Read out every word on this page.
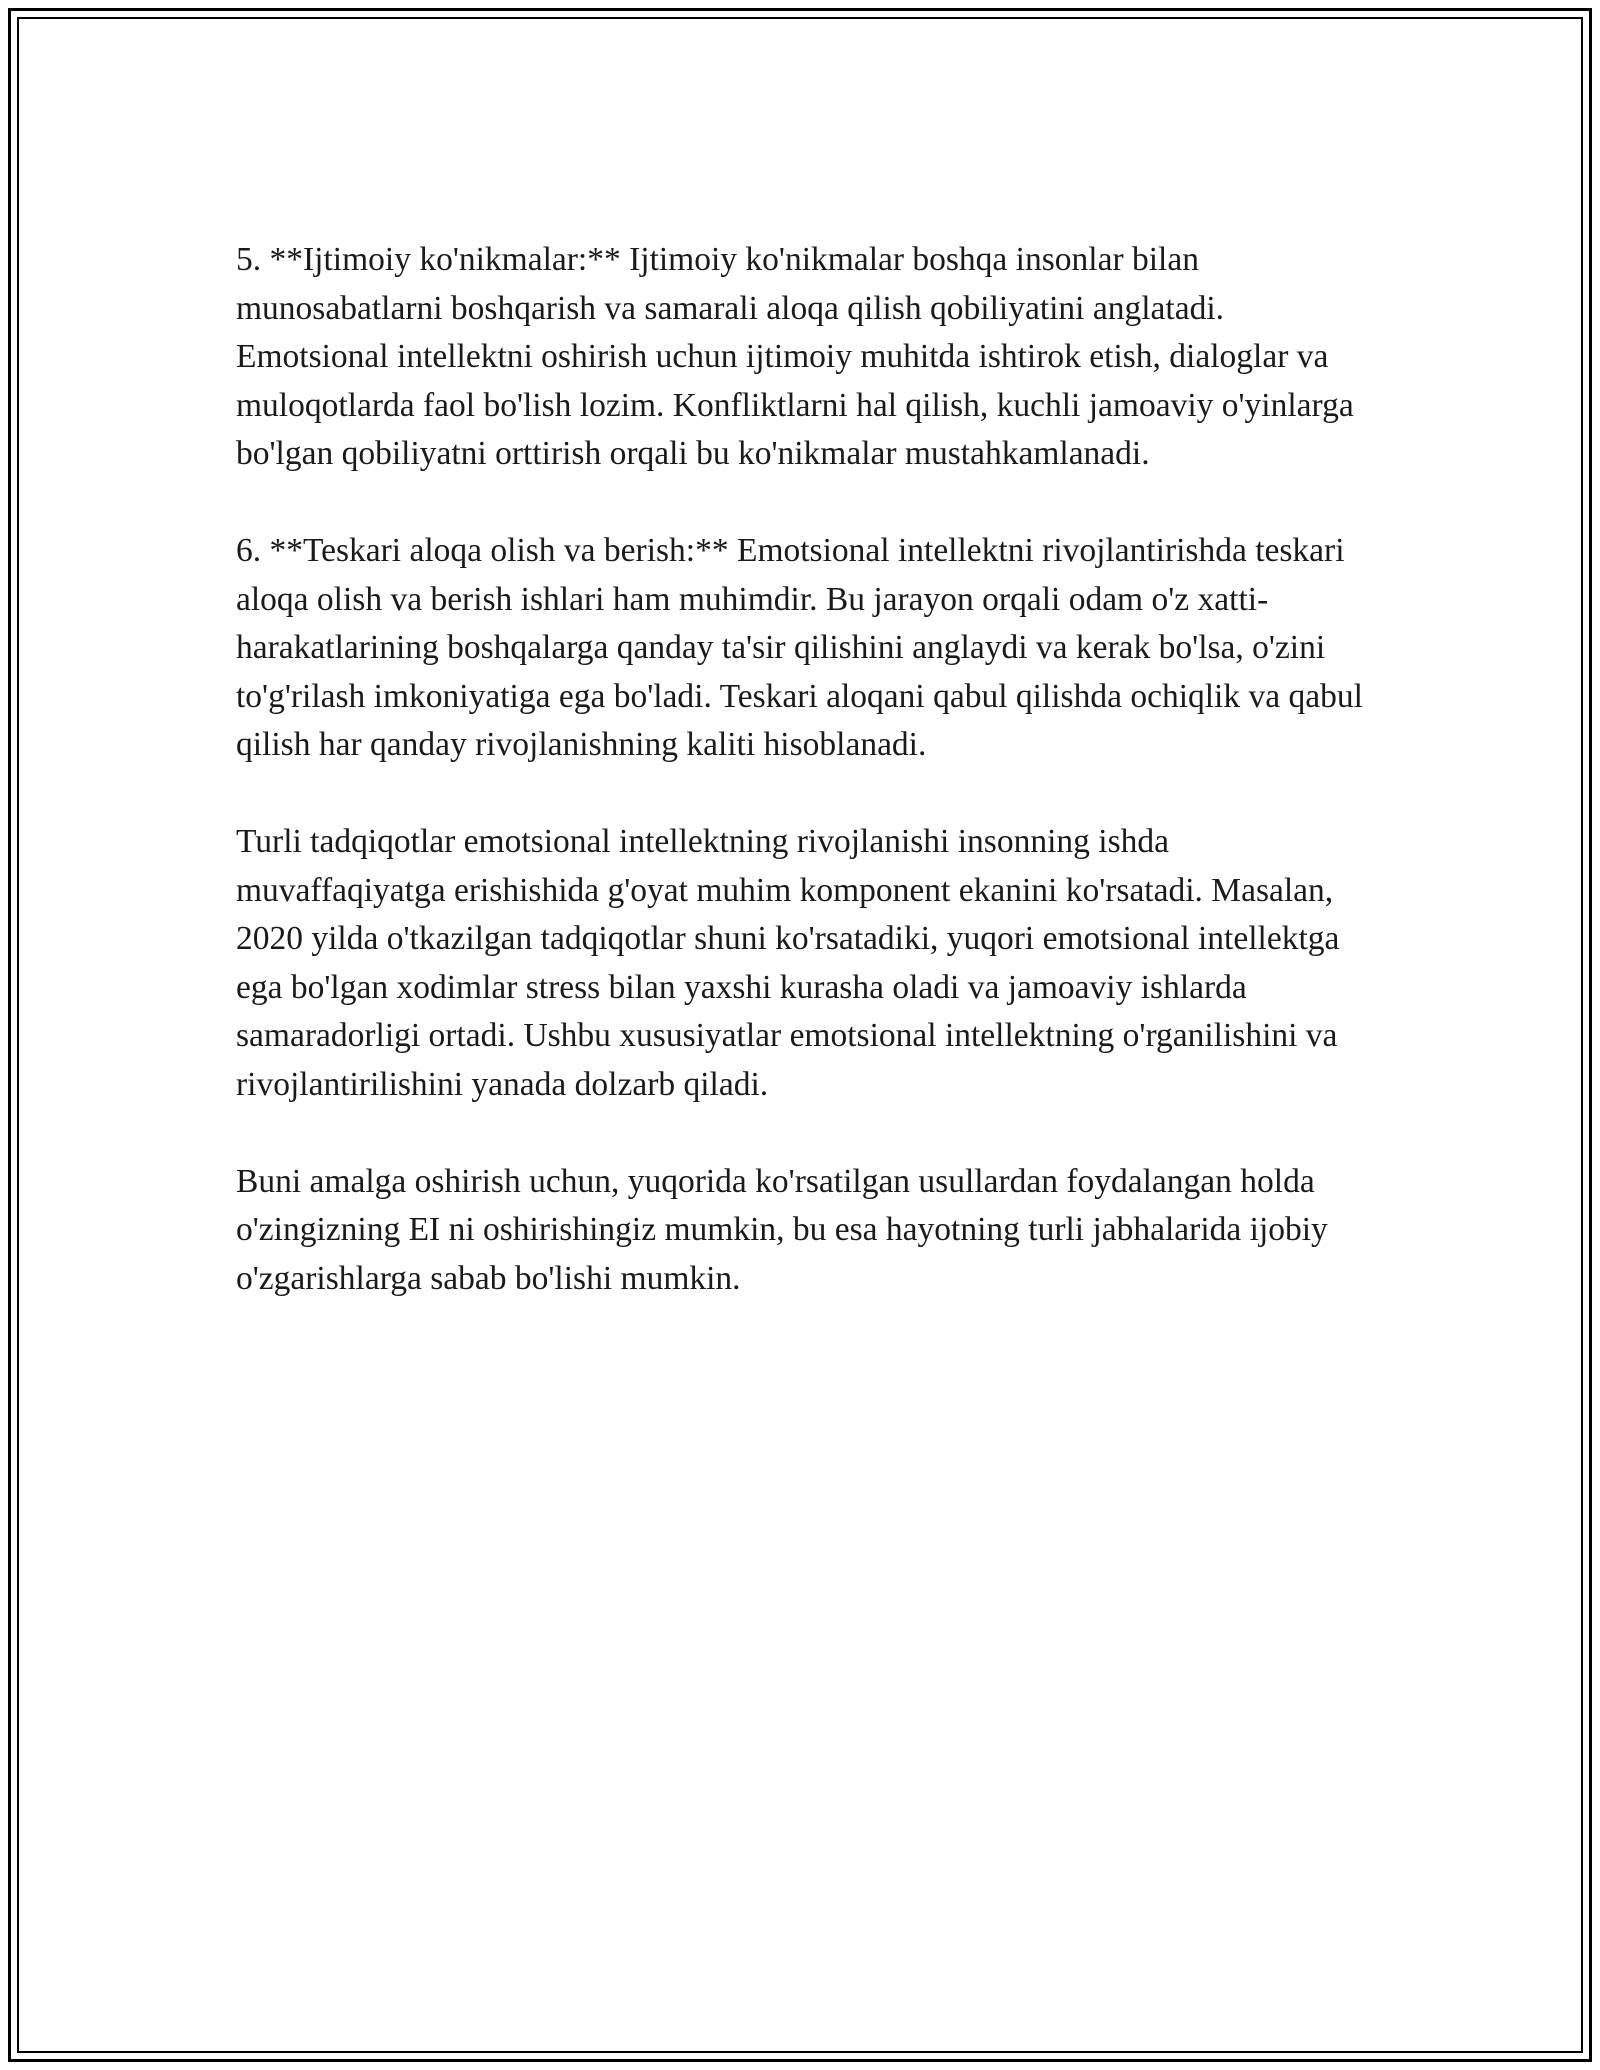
5. **Ijtimoiy ko'nikmalar:** Ijtimoiy ko'nikmalar boshqa insonlar bilan munosabatlarni boshqarish va samarali aloqa qilish qobiliyatini anglatadi. Emotsional intellektni oshirish uchun ijtimoiy muhitda ishtirok etish, dialoglar va muloqotlarda faol bo'lish lozim. Konfliktlarni hal qilish, kuchli jamoaviy o'yinlarga bo'lgan qobiliyatni orttirish orqali bu ko'nikmalar mustahkamlanadi.

6. **Teskari aloqa olish va berish:** Emotsional intellektni rivojlantirishda teskari aloqa olish va berish ishlari ham muhimdir. Bu jarayon orqali odam o'z xatti-harakatlarining boshqalarga qanday ta'sir qilishini anglaydi va kerak bo'lsa, o'zini to'g'rilash imkoniyatiga ega bo'ladi. Teskari aloqani qabul qilishda ochiqlik va qabul qilish har qanday rivojlanishning kaliti hisoblanadi.

Turli tadqiqotlar emotsional intellektning rivojlanishi insonning ishda muvaffaqiyatga erishishida g'oyat muhim komponent ekanini ko'rsatadi. Masalan, 2020 yilda o'tkazilgan tadqiqotlar shuni ko'rsatadiki, yuqori emotsional intellektga ega bo'lgan xodimlar stress bilan yaxshi kurasha oladi va jamoaviy ishlarda samaradorligi ortadi. Ushbu xususiyatlar emotsional intellektning o'rganilishini va rivojlantirilishini yanada dolzarb qiladi.

Buni amalga oshirish uchun, yuqorida ko'rsatilgan usullardan foydalangan holda o'zingizning EI ni oshirishingiz mumkin, bu esa hayotning turli jabhalarida ijobiy o'zgarishlarga sabab bo'lishi mumkin.
